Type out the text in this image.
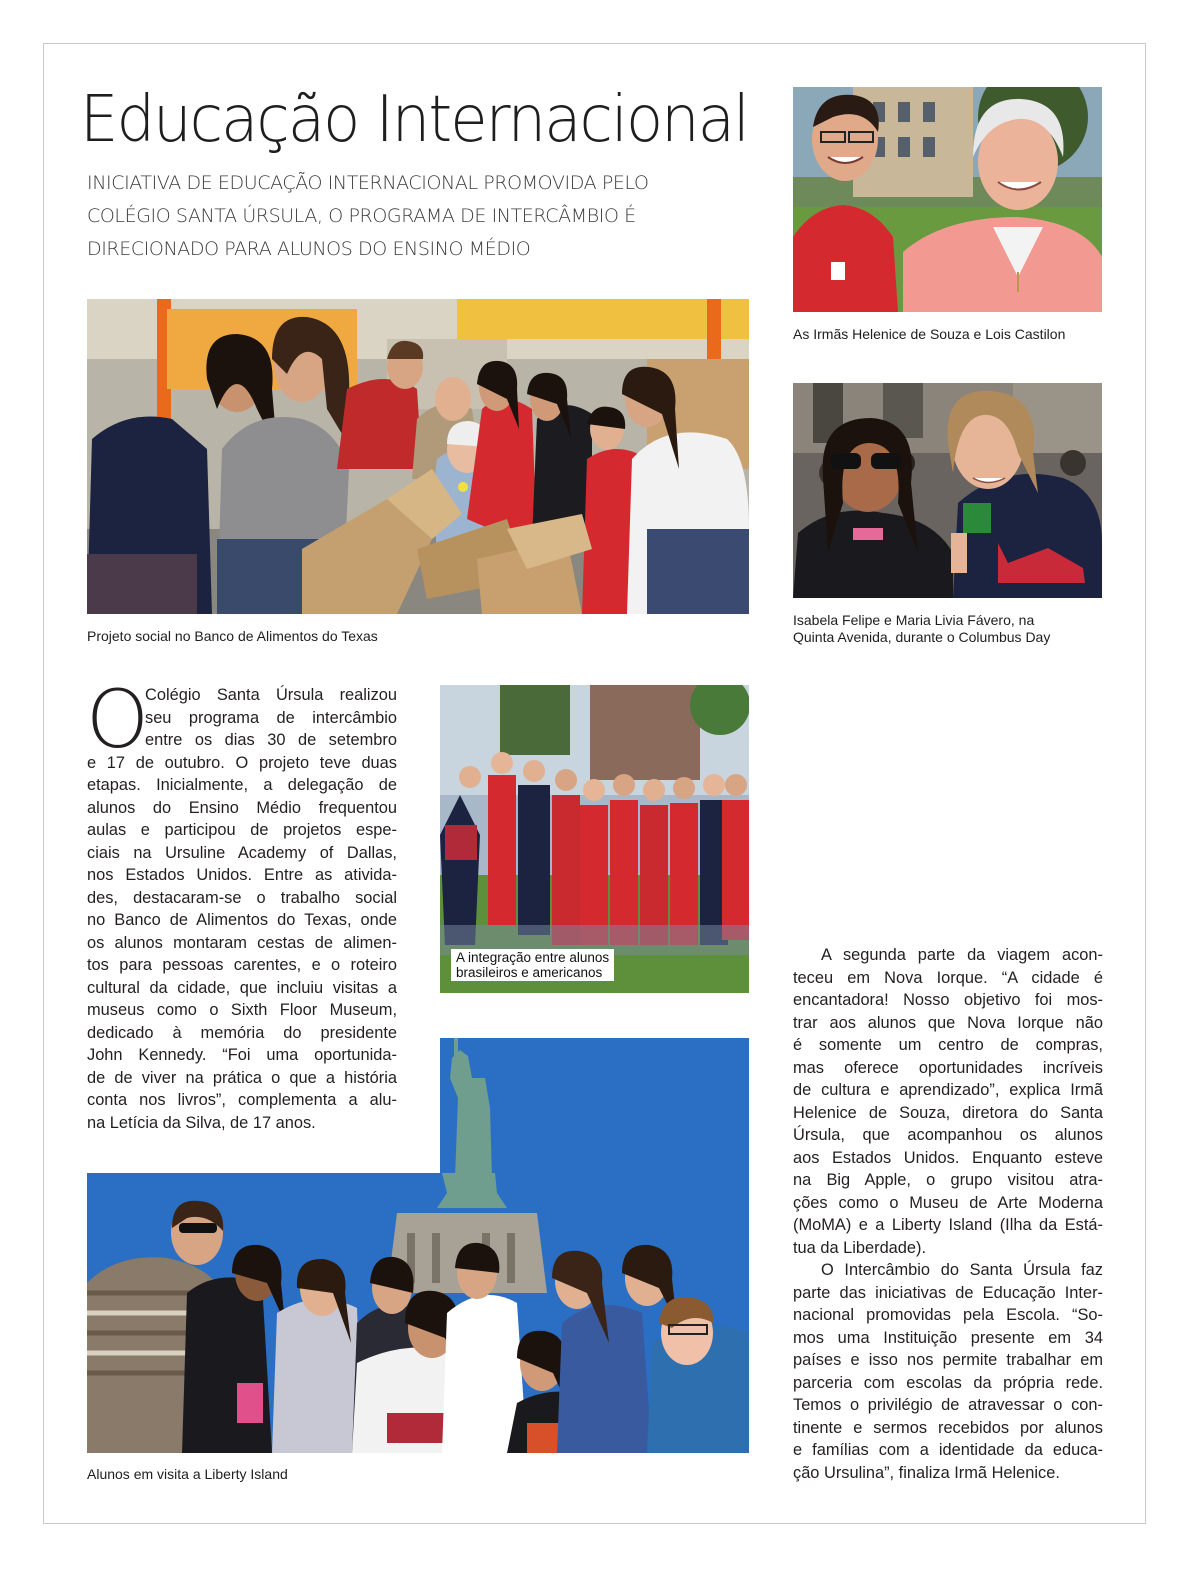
Educação Internacional

INICIATIVA DE EDUCAÇÃO INTERNACIONAL PROMOVIDA PELO
COLÉGIO SANTA ÚRSULA, O PROGRAMA DE INTERCÂMBIO É
DIRECIONADO PARA ALUNOS DO ENSINO MÉDIO

As Irmãs Helenice de Souza e Lois Castilon

Projeto social no Banco de Alimentos do Texas

Isabela Felipe e Maria Livia Fávero, na
Quinta Avenida, durante o Columbus Day

A integração entre alunos
brasileiros e americanos

Alunos em visita a Liberty Island

O
Colégio Santa Úrsula realizou
seu programa de intercâmbio
entre os dias 30 de setembro
e 17 de outubro. O projeto teve duas
etapas. Inicialmente, a delegação de
alunos do Ensino Médio frequentou
aulas e participou de projetos espe-
ciais na Ursuline Academy of Dallas,
nos Estados Unidos. Entre as ativida-
des, destacaram-se o trabalho social
no Banco de Alimentos do Texas, onde
os alunos montaram cestas de alimen-
tos para pessoas carentes, e o roteiro
cultural da cidade, que incluiu visitas a
museus como o Sixth Floor Museum,
dedicado à memória do presidente
John Kennedy. “Foi uma oportunida-
de de viver na prática o que a história
conta nos livros”, complementa a alu-
na Letícia da Silva, de 17 anos.
A segunda parte da viagem acon-
teceu em Nova Iorque. “A cidade é
encantadora! Nosso objetivo foi mos-
trar aos alunos que Nova Iorque não
é somente um centro de compras,
mas oferece oportunidades incríveis
de cultura e aprendizado”, explica Irmã
Helenice de Souza, diretora do Santa
Úrsula, que acompanhou os alunos
aos Estados Unidos. Enquanto esteve
na Big Apple, o grupo visitou atra-
ções como o Museu de Arte Moderna
(MoMA) e a Liberty Island (Ilha da Está-
tua da Liberdade).
O Intercâmbio do Santa Úrsula faz
parte das iniciativas de Educação Inter-
nacional promovidas pela Escola. “So-
mos uma Instituição presente em 34
países e isso nos permite trabalhar em
parceria com escolas da própria rede.
Temos o privilégio de atravessar o con-
tinente e sermos recebidos por alunos
e famílias com a identidade da educa-
ção Ursulina”, finaliza Irmã Helenice.
